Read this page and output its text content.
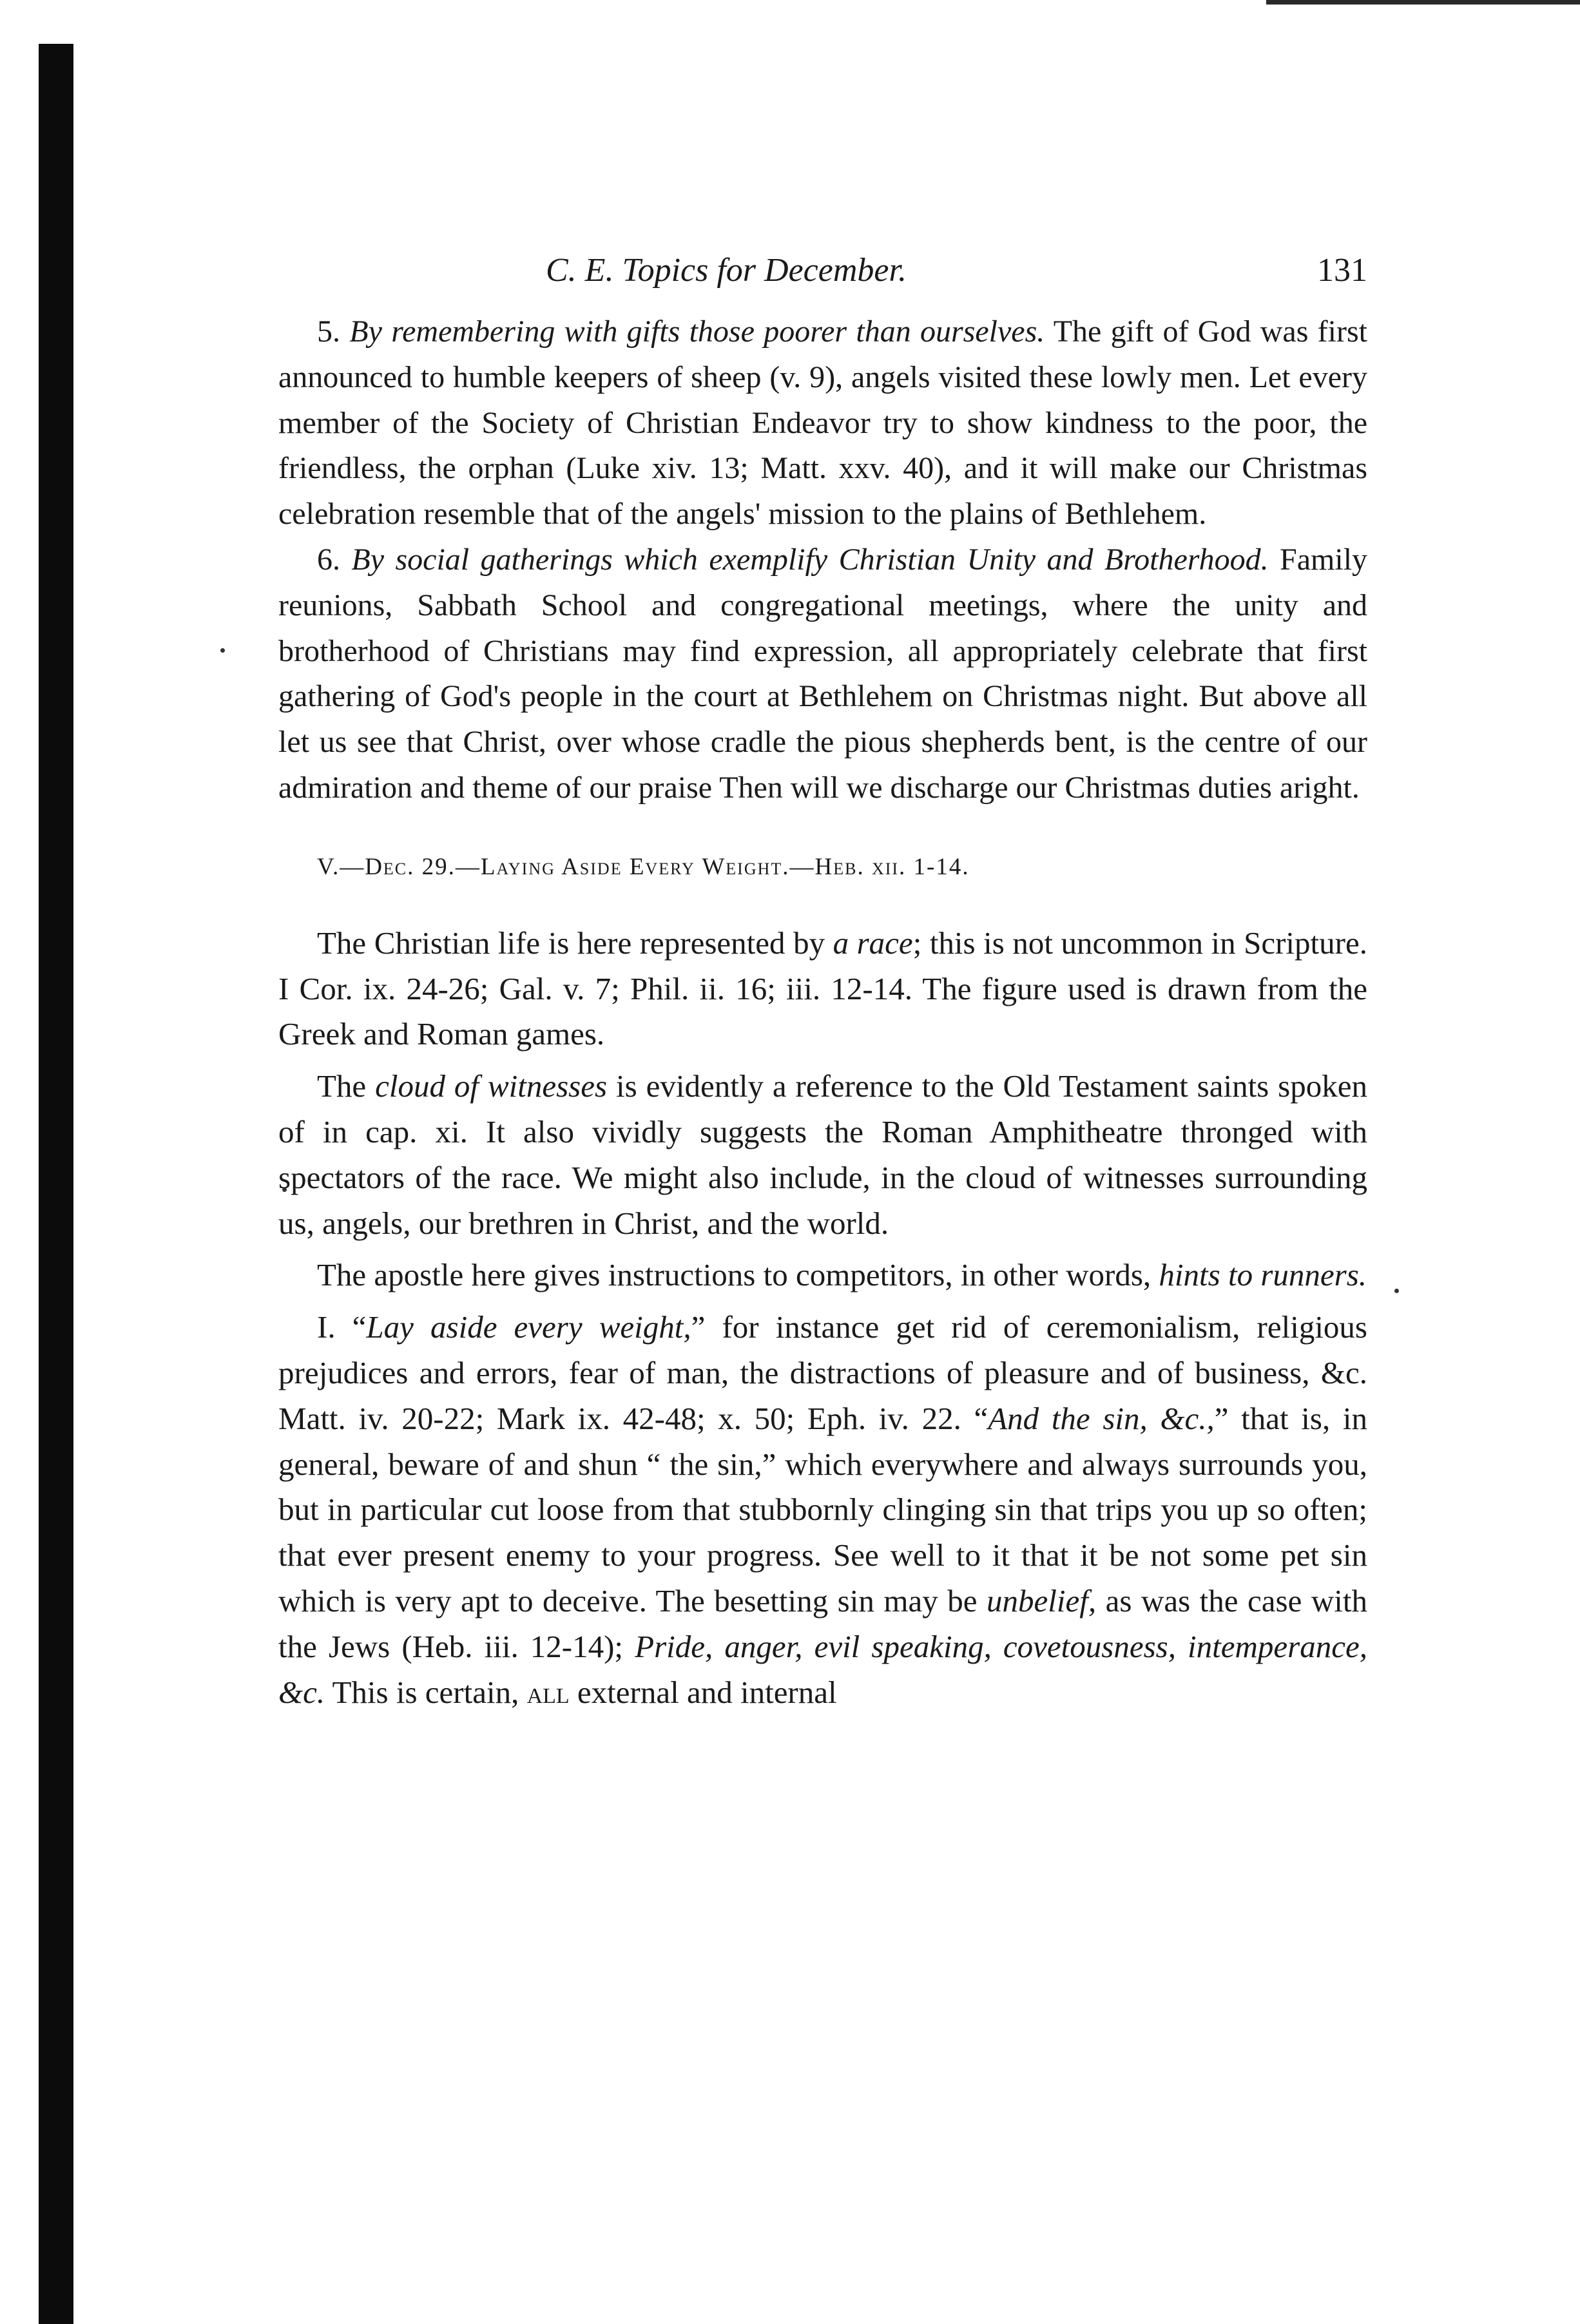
C. E. Topics for December.	131

5. By remembering with gifts those poorer than ourselves. The gift of God was first announced to humble keepers of sheep (v. 9), angels visited these lowly men. Let every member of the Society of Christian Endeavor try to show kindness to the poor, the friendless, the orphan (Luke xiv. 13; Matt. xxv. 40), and it will make our Christmas celebration resemble that of the angels' mission to the plains of Bethlehem.

6. By social gatherings which exemplify Christian Unity and Brotherhood. Family reunions, Sabbath School and congregational meetings, where the unity and brotherhood of Christians may find expression, all appropriately celebrate that first gathering of God's people in the court at Bethlehem on Christmas night. But above all let us see that Christ, over whose cradle the pious shepherds bent, is the centre of our admiration and theme of our praise Then will we discharge our Christmas duties aright.

V.—Dec. 29.—Laying Aside Every Weight.—Heb. xii. 1-14.

The Christian life is here represented by a race; this is not uncommon in Scripture. I Cor. ix. 24-26; Gal. v. 7; Phil. ii. 16; iii. 12-14. The figure used is drawn from the Greek and Roman games.

The cloud of witnesses is evidently a reference to the Old Testament saints spoken of in cap. xi. It also vividly suggests the Roman Amphitheatre thronged with spectators of the race. We might also include, in the cloud of witnesses surrounding us, angels, our brethren in Christ, and the world.

The apostle here gives instructions to competitors, in other words, hints to runners.

I. “Lay aside every weight,” for instance get rid of ceremonialism, religious prejudices and errors, fear of man, the distractions of pleasure and of business, &c. Matt. iv. 20-22; Mark ix. 42-48; x. 50; Eph. iv. 22. “And the sin, &c.,” that is, in general, beware of and shun “ the sin,” which everywhere and always surrounds you, but in particular cut loose from that stubbornly clinging sin that trips you up so often; that ever present enemy to your progress. See well to it that it be not some pet sin which is very apt to deceive. The besetting sin may be unbelief, as was the case with the Jews (Heb. iii. 12-14); Pride, anger, evil speaking, covetousness, intemperance, &c. This is certain, all external and internal
